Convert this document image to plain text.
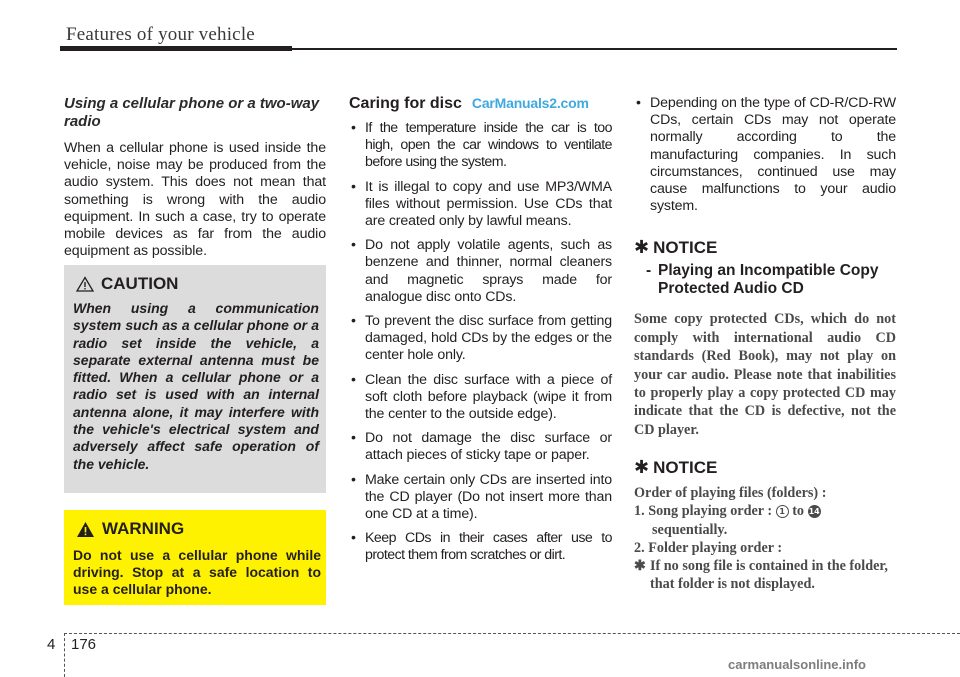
Features of your vehicle

Using a cellular phone or a two-way radio

When a cellular phone is used inside the vehicle, noise may be produced from the audio system. This does not mean that something is wrong with the audio equipment. In such a case, try to operate mobile devices as far from the audio equipment as possible.

CAUTION

When using a communication system such as a cellular phone or a radio set inside the vehicle, a separate external antenna must be fitted. When a cellular phone or a radio set is used with an internal antenna alone, it may interfere with the vehicle's electrical system and adversely affect safe operation of the vehicle.

WARNING

Do not use a cellular phone while driving. Stop at a safe location to use a cellular phone.

Caring for disc CarManuals2.com
• If the temperature inside the car is too high, open the car windows to ventilate before using the system.
• It is illegal to copy and use MP3/WMA files without permission. Use CDs that are created only by lawful means.
• Do not apply volatile agents, such as benzene and thinner, normal cleaners and magnetic sprays made for analogue disc onto CDs.
• To prevent the disc surface from getting damaged, hold CDs by the edges or the center hole only.
• Clean the disc surface with a piece of soft cloth before playback (wipe it from the center to the outside edge).
• Do not damage the disc surface or attach pieces of sticky tape or paper.
• Make certain only CDs are inserted into the CD player (Do not insert more than one CD at a time).
• Keep CDs in their cases after use to protect them from scratches or dirt.
• Depending on the type of CD-R/CD-RW CDs, certain CDs may not operate normally according to the manufacturing companies. In such circumstances, continued use may cause malfunctions to your audio system.
✱ NOTICE
- Playing an Incompatible Copy Protected Audio CD

Some copy protected CDs, which do not comply with international audio CD standards (Red Book), may not play on your car audio. Please note that inabilities to properly play a copy protected CD may indicate that the CD is defective, not the CD player.

✱ NOTICE

Order of playing files (folders) :

1. Song playing order : 1 to 14

sequentially.

2. Folder playing order :

✱ If no song file is contained in the folder, that folder is not displayed.

4 176
carmanualsonline.info
